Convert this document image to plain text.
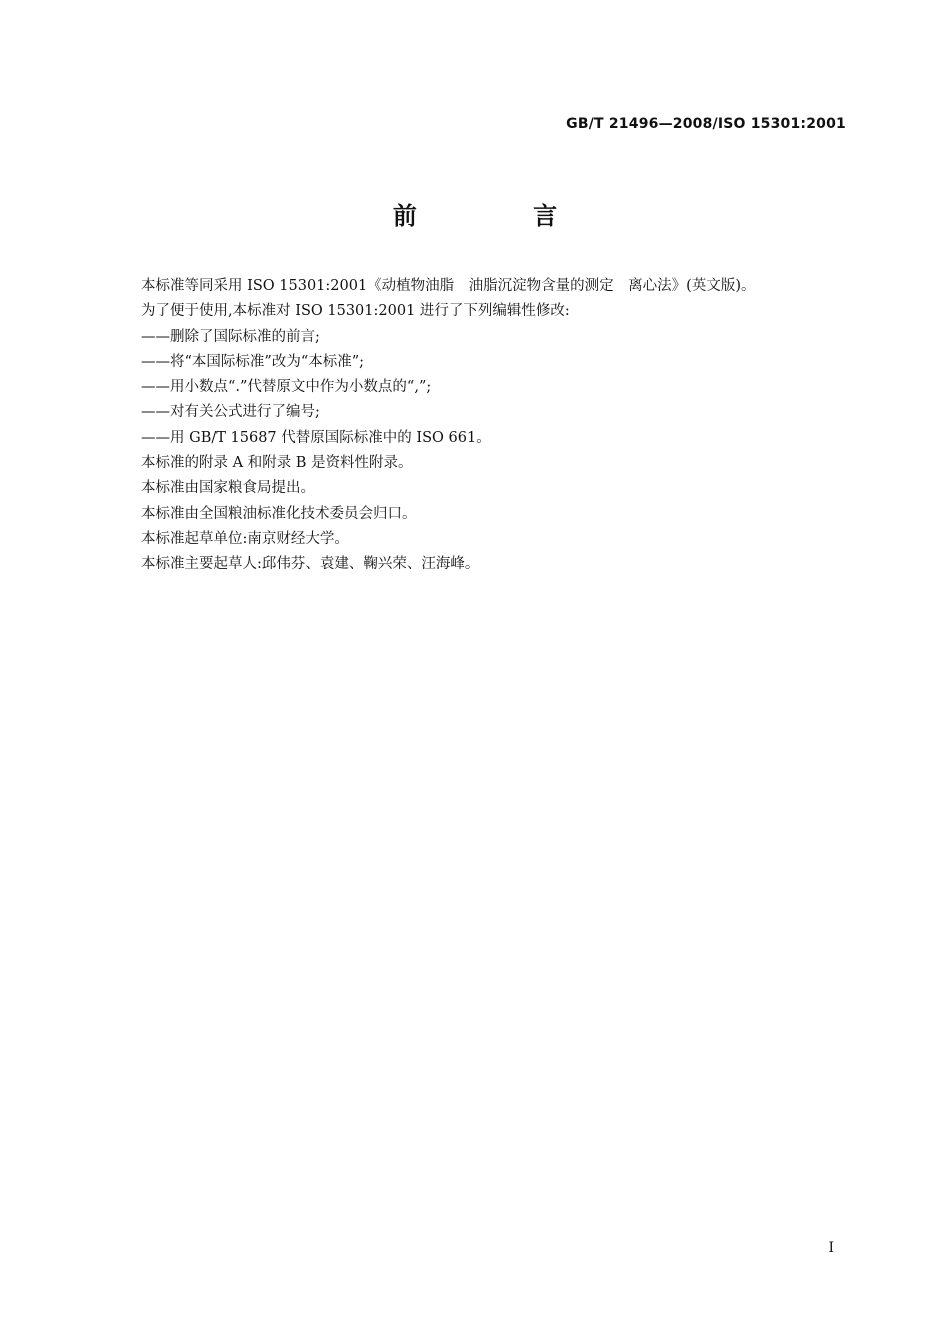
GB/T 21496—2008/ISO 15301:2001
前 言
本标准等同采用 ISO 15301:2001《动植物油脂　油脂沉淀物含量的测定　离心法》(英文版)。
为了便于使用,本标准对 ISO 15301:2001 进行了下列编辑性修改:
——删除了国际标准的前言;
——将“本国际标准”改为“本标准”;
——用小数点“.”代替原文中作为小数点的“,”;
——对有关公式进行了编号;
——用 GB/T 15687 代替原国际标准中的 ISO 661。
本标准的附录 A 和附录 B 是资料性附录。
本标准由国家粮食局提出。
本标准由全国粮油标准化技术委员会归口。
本标准起草单位:南京财经大学。
本标准主要起草人:邱伟芬、袁建、鞠兴荣、汪海峰。
I
